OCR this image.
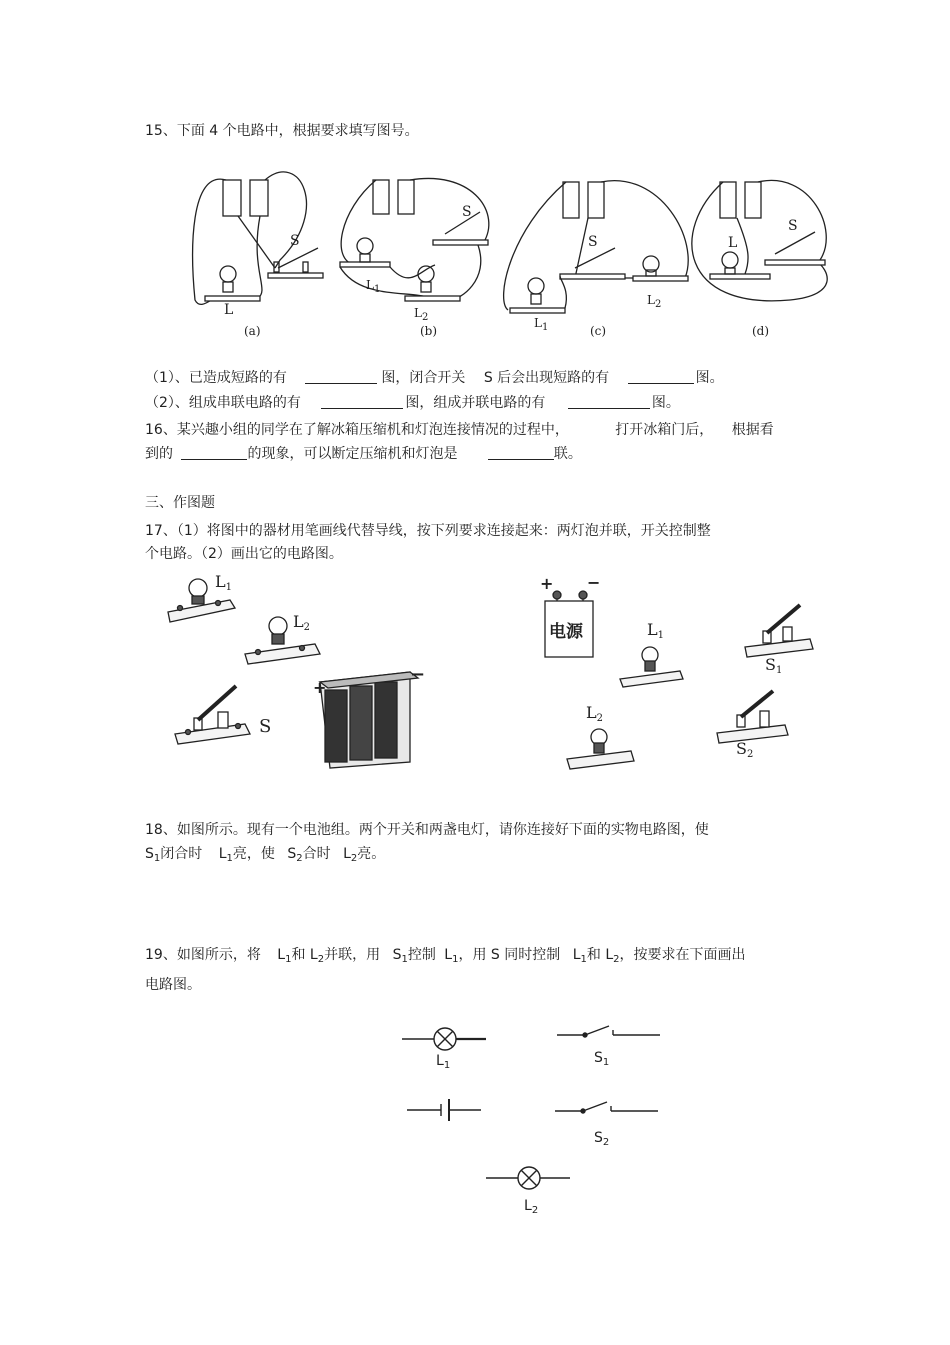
15、下面 4 个电路中，根据要求填写图号。
S
L
S
$L_1$
$L_2$
S
$L_1$
$L_2$
L
S
(a)	(b)	(c)	(d)
（1）、已造成短路的有	图，闭合开关 S 后会出现短路的有	图。
（2）、组成串联电路的有	图，组成并联电路的有	图。
16、某兴趣小组的同学在了解冰箱压缩机和灯泡连接情况的过程中，	打开冰箱门后， 根据看
到的	的现象，可以断定压缩机和灯泡是	联。
三、作图题
17、（1）将图中的器材用笔画线代替导线，按下列要求连接起来：两灯泡并联，开关控制整
个电路。（2）画出它的电路图。
$L_1$
$L_2$
S
+
−
+ −
电源	$L_1$
$S_1$
$L_2$
$S_2$
18、如图所示。现有一个电池组。两个开关和两盏电灯，请你连接好下面的实物电路图，使
$S_1$闭合时 $L_1$亮，使 $S_2$合时 $L_2$亮。
19、如图所示，将 $L_1$和 $L_2$并联，用 $S_1$控制 $L_1$，用 S 同时控制 $L_1$和 $L_2$，按要求在下面画出
电路图。
$L_1$	$S_1$
$S_2$
$L_2$
